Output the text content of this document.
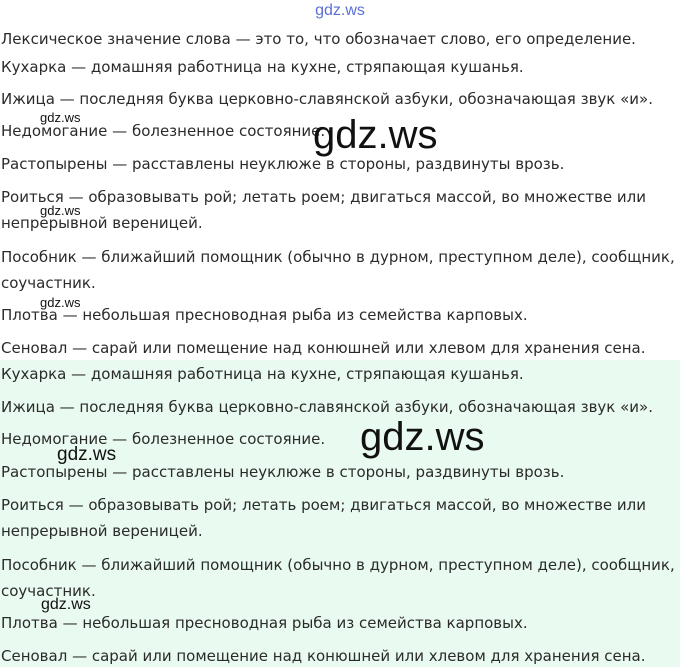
gdz.ws
Лексическое значение слова — это то, что обозначает слово, его определение.
Кухарка — домашняя работница на кухне, стряпающая кушанья.
Ижица — последняя буква церковно-славянской азбуки, обозначающая звук «и».
Недомогание — болезненное состояние.
Растопырены — расставлены неуклюже в стороны, раздвинуты врозь.
Роиться — образовывать рой; летать роем; двигаться массой, во множестве или
непрерывной вереницей.
Пособник — ближайший помощник (обычно в дурном, преступном деле), сообщник,
соучастник.
Плотва — небольшая пресноводная рыба из семейства карповых.
Сеновал — сарай или помещение над конюшней или хлевом для хранения сена.
gdz.ws
gdz.ws
gdz.ws
gdz.ws
Кухарка — домашняя работница на кухне, стряпающая кушанья.
Ижица — последняя буква церковно-славянской азбуки, обозначающая звук «и».
Недомогание — болезненное состояние.
Растопырены — расставлены неуклюже в стороны, раздвинуты врозь.
Роиться — образовывать рой; летать роем; двигаться массой, во множестве или
непрерывной вереницей.
Пособник — ближайший помощник (обычно в дурном, преступном деле), сообщник,
соучастник.
Плотва — небольшая пресноводная рыба из семейства карповых.
Сеновал — сарай или помещение над конюшней или хлевом для хранения сена.
gdz.ws
gdz.ws
gdz.ws
